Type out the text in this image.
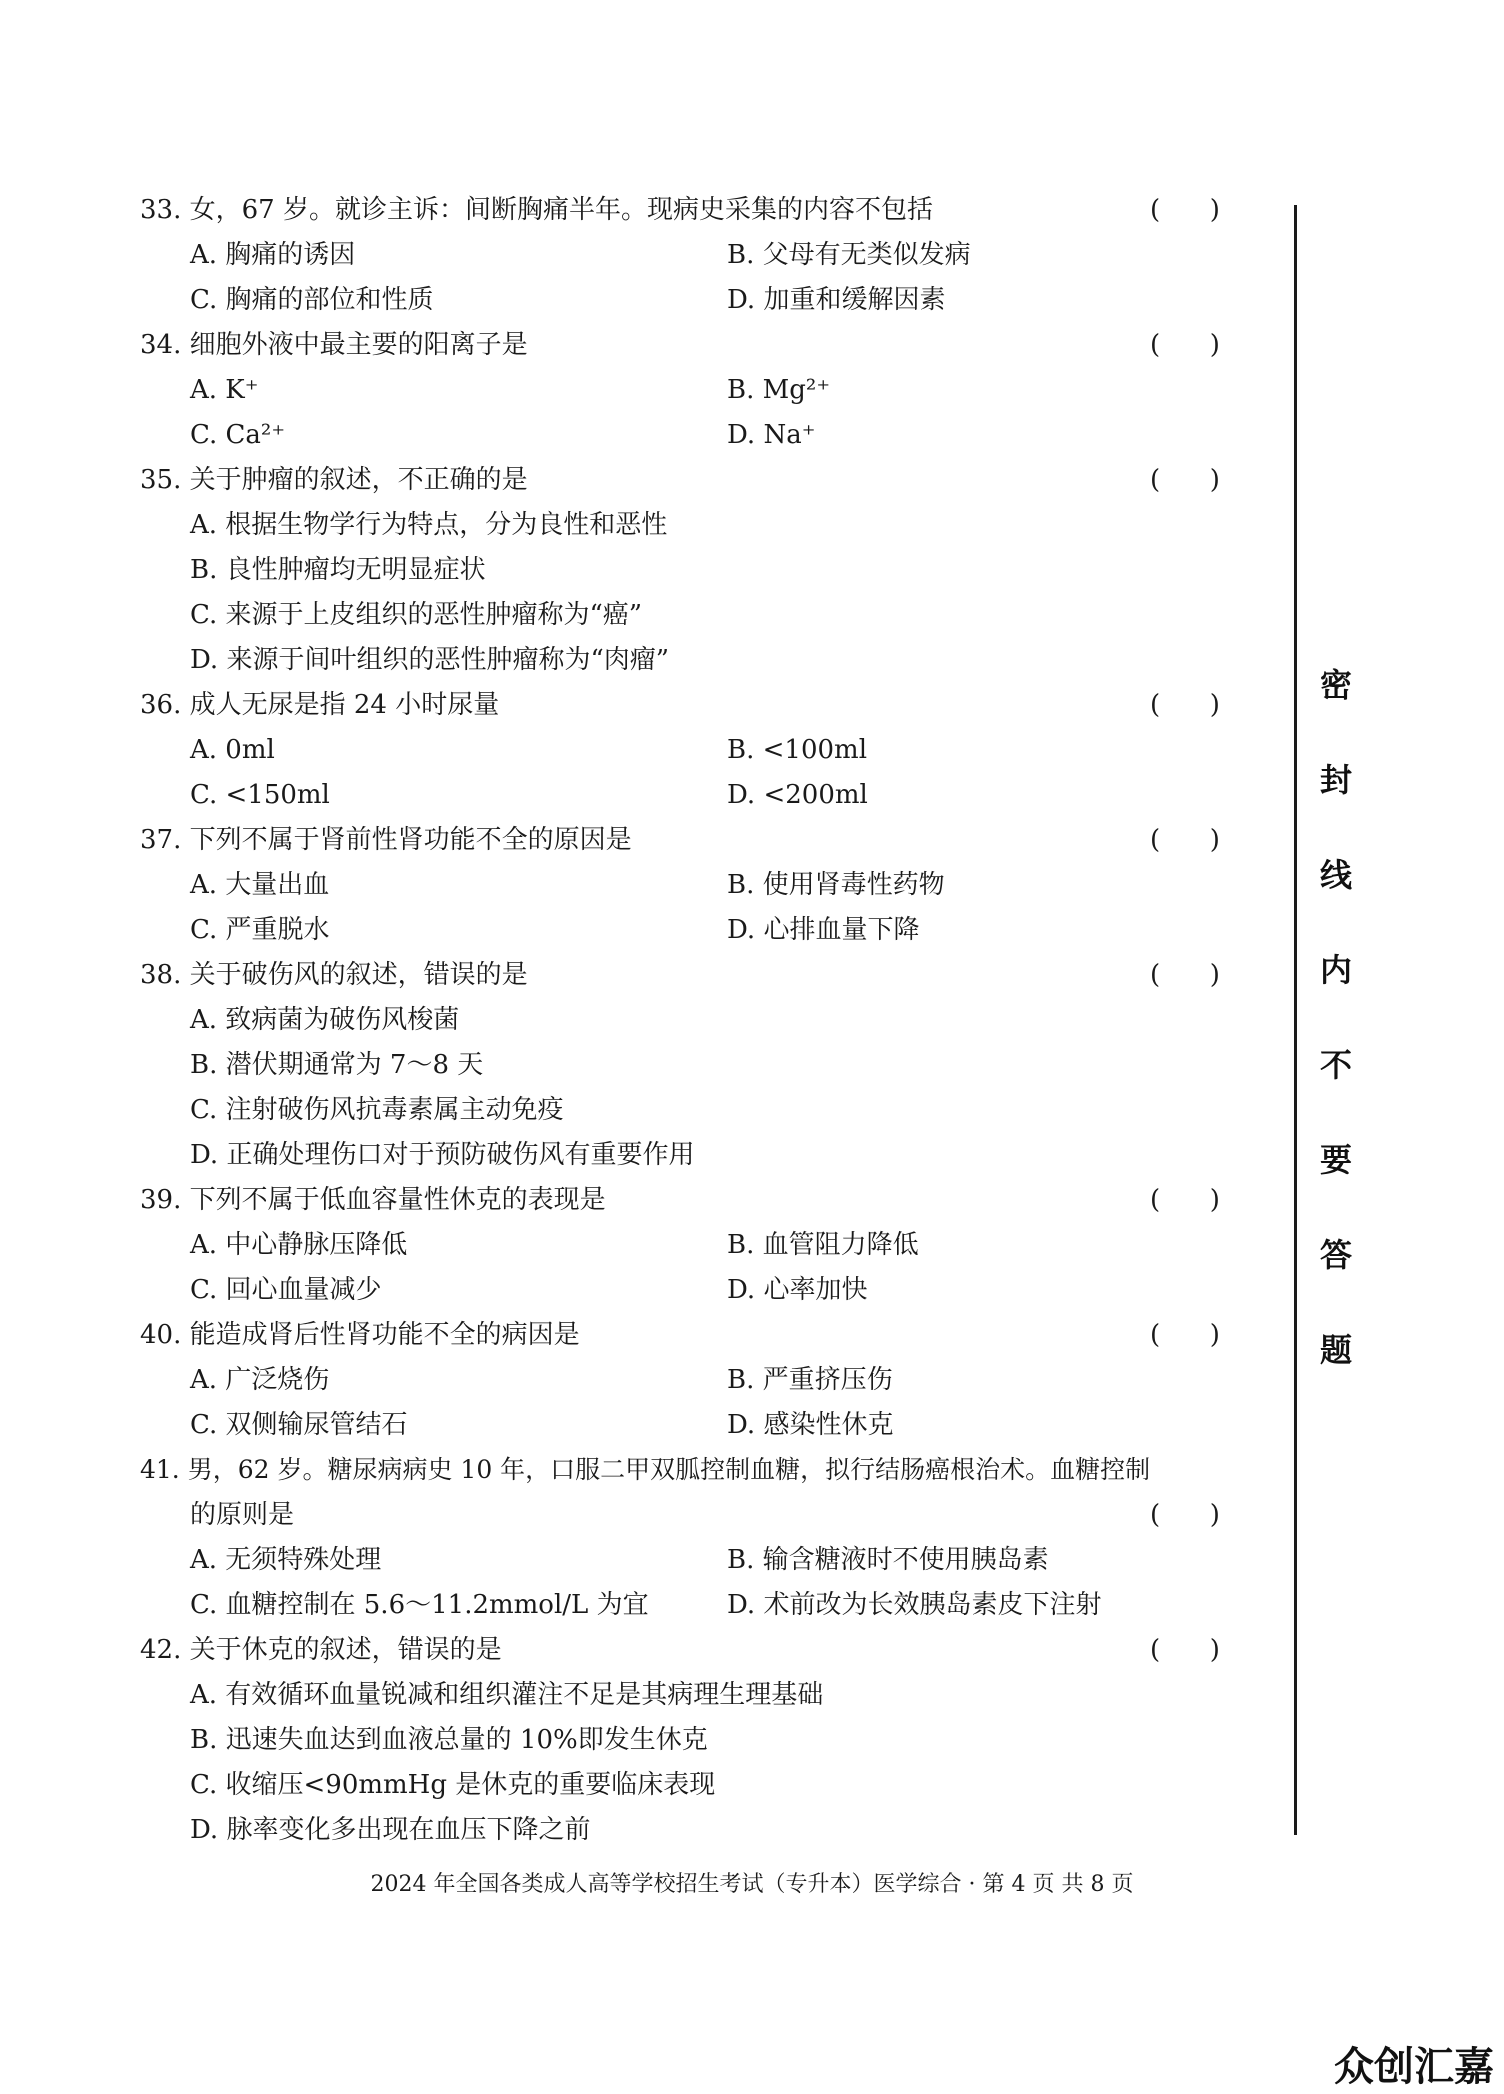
33. 女，67 岁。就诊主诉：间断胸痛半年。现病史采集的内容不包括	(      )
A. 胸痛的诱因	B. 父母有无类似发病
C. 胸痛的部位和性质	D. 加重和缓解因素
34. 细胞外液中最主要的阳离子是	(      )
A. K⁺	B. Mg²⁺
C. Ca²⁺	D. Na⁺
35. 关于肿瘤的叙述，不正确的是	(      )
A. 根据生物学行为特点，分为良性和恶性
B. 良性肿瘤均无明显症状
C. 来源于上皮组织的恶性肿瘤称为“癌”
D. 来源于间叶组织的恶性肿瘤称为“肉瘤”
36. 成人无尿是指 24 小时尿量	(      )
A. 0ml	B. <100ml
C. <150ml	D. <200ml
37. 下列不属于肾前性肾功能不全的原因是	(      )
A. 大量出血	B. 使用肾毒性药物
C. 严重脱水	D. 心排血量下降
38. 关于破伤风的叙述，错误的是	(      )
A. 致病菌为破伤风梭菌
B. 潜伏期通常为 7～8 天
C. 注射破伤风抗毒素属主动免疫
D. 正确处理伤口对于预防破伤风有重要作用
39. 下列不属于低血容量性休克的表现是	(      )
A. 中心静脉压降低	B. 血管阻力降低
C. 回心血量减少	D. 心率加快
40. 能造成肾后性肾功能不全的病因是	(      )
A. 广泛烧伤	B. 严重挤压伤
C. 双侧输尿管结石	D. 感染性休克
41. 男，62 岁。糖尿病病史 10 年，口服二甲双胍控制血糖，拟行结肠癌根治术。血糖控制
的原则是	(      )
A. 无须特殊处理	B. 输含糖液时不使用胰岛素
C. 血糖控制在 5.6～11.2mmol/L 为宜	D. 术前改为长效胰岛素皮下注射
42. 关于休克的叙述，错误的是	(      )
A. 有效循环血量锐减和组织灌注不足是其病理生理基础
B. 迅速失血达到血液总量的 10%即发生休克
C. 收缩压<90mmHg 是休克的重要临床表现
D. 脉率变化多出现在血压下降之前
密
封
线
内
不
要
答
题
2024 年全国各类成人高等学校招生考试（专升本）医学综合 · 第 4 页 共 8 页
众创汇嘉
